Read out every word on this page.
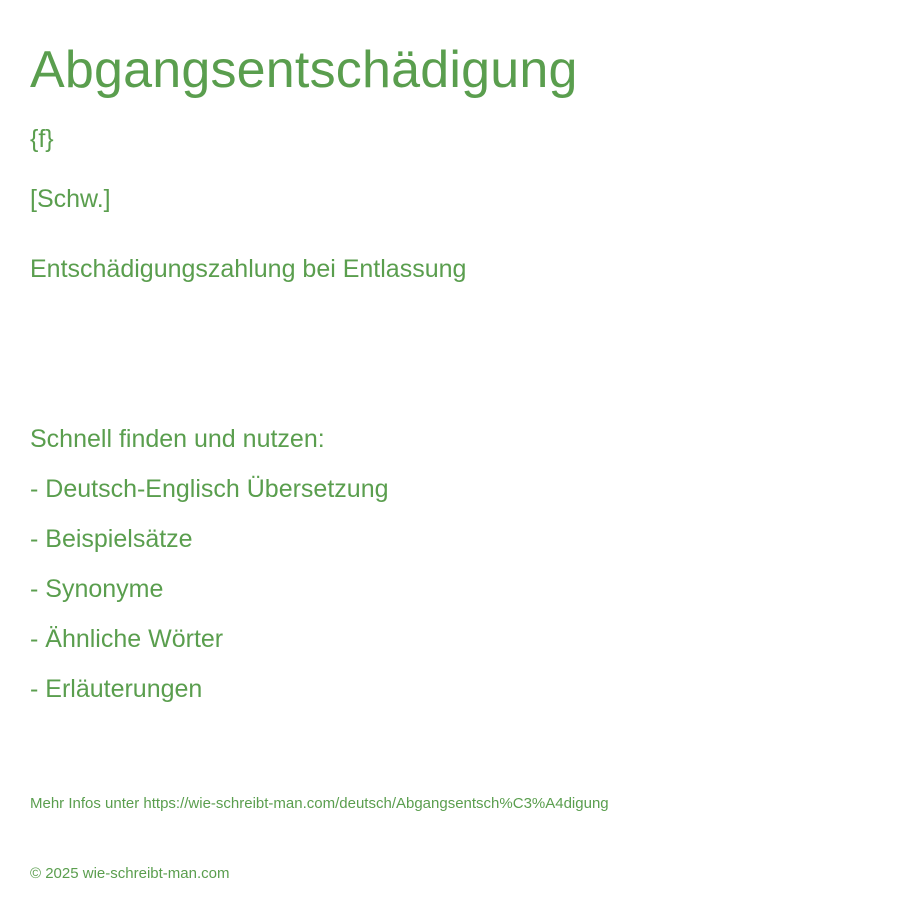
Abgangsentschädigung
{f}
[Schw.]
Entschädigungszahlung bei Entlassung
Schnell finden und nutzen:
- Deutsch-Englisch Übersetzung
- Beispielsätze
- Synonyme
- Ähnliche Wörter
- Erläuterungen
Mehr Infos unter https://wie-schreibt-man.com/deutsch/Abgangsentsch%C3%A4digung
© 2025 wie-schreibt-man.com
